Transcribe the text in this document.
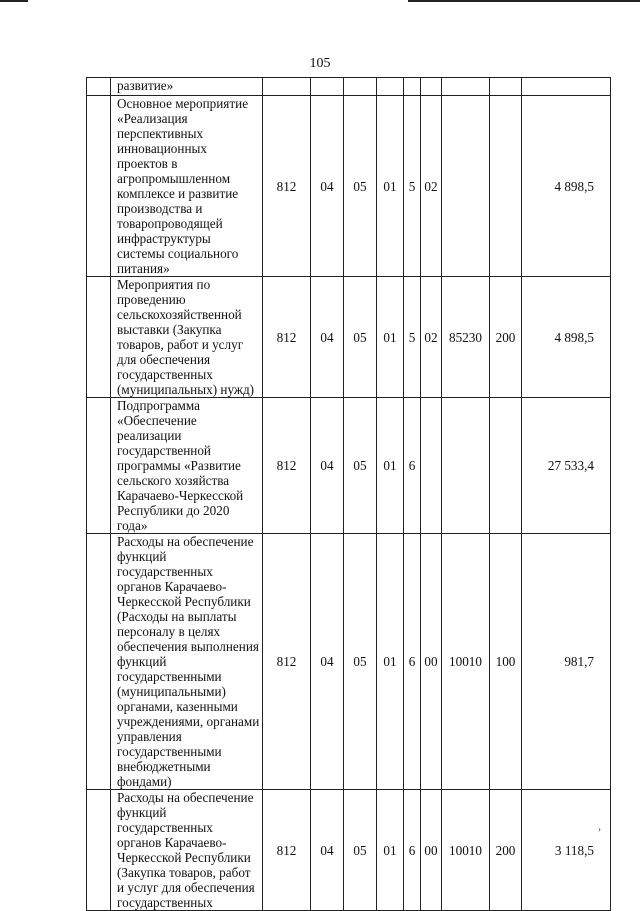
105
	развитие»									
	Основное мероприятие «Реализация перспективных инновационных проектов в агропромышленном комплексе и развитие производства и товаропроводящей инфраструктуры системы социального питания»	812	04	05	01	5	02			4 898,5
	Мероприятия по проведению сельскохозяйственной выставки (Закупка товаров, работ и услуг для обеспечения государственных (муниципальных) нужд)	812	04	05	01	5	02	85230	200	4 898,5
	Подпрограмма «Обеспечение реализации государственной программы «Развитие сельского хозяйства Карачаево-Черкесской Республики до 2020 года»	812	04	05	01	6				27 533,4
	Расходы на обеспечение функций государственных органов Карачаево-Черкесской Республики (Расходы на выплаты персоналу в целях обеспечения выполнения функций государственными (муниципальными) органами, казенными учреждениями, органами управления государственными внебюджетными фондами)	812	04	05	01	6	00	10010	100	981,7
	Расходы на обеспечение функций государственных органов Карачаево-Черкесской Республики (Закупка товаров, работ и услуг для обеспечения государственных	812	04	05	01	6	00	10010	200	3 118,5
›
